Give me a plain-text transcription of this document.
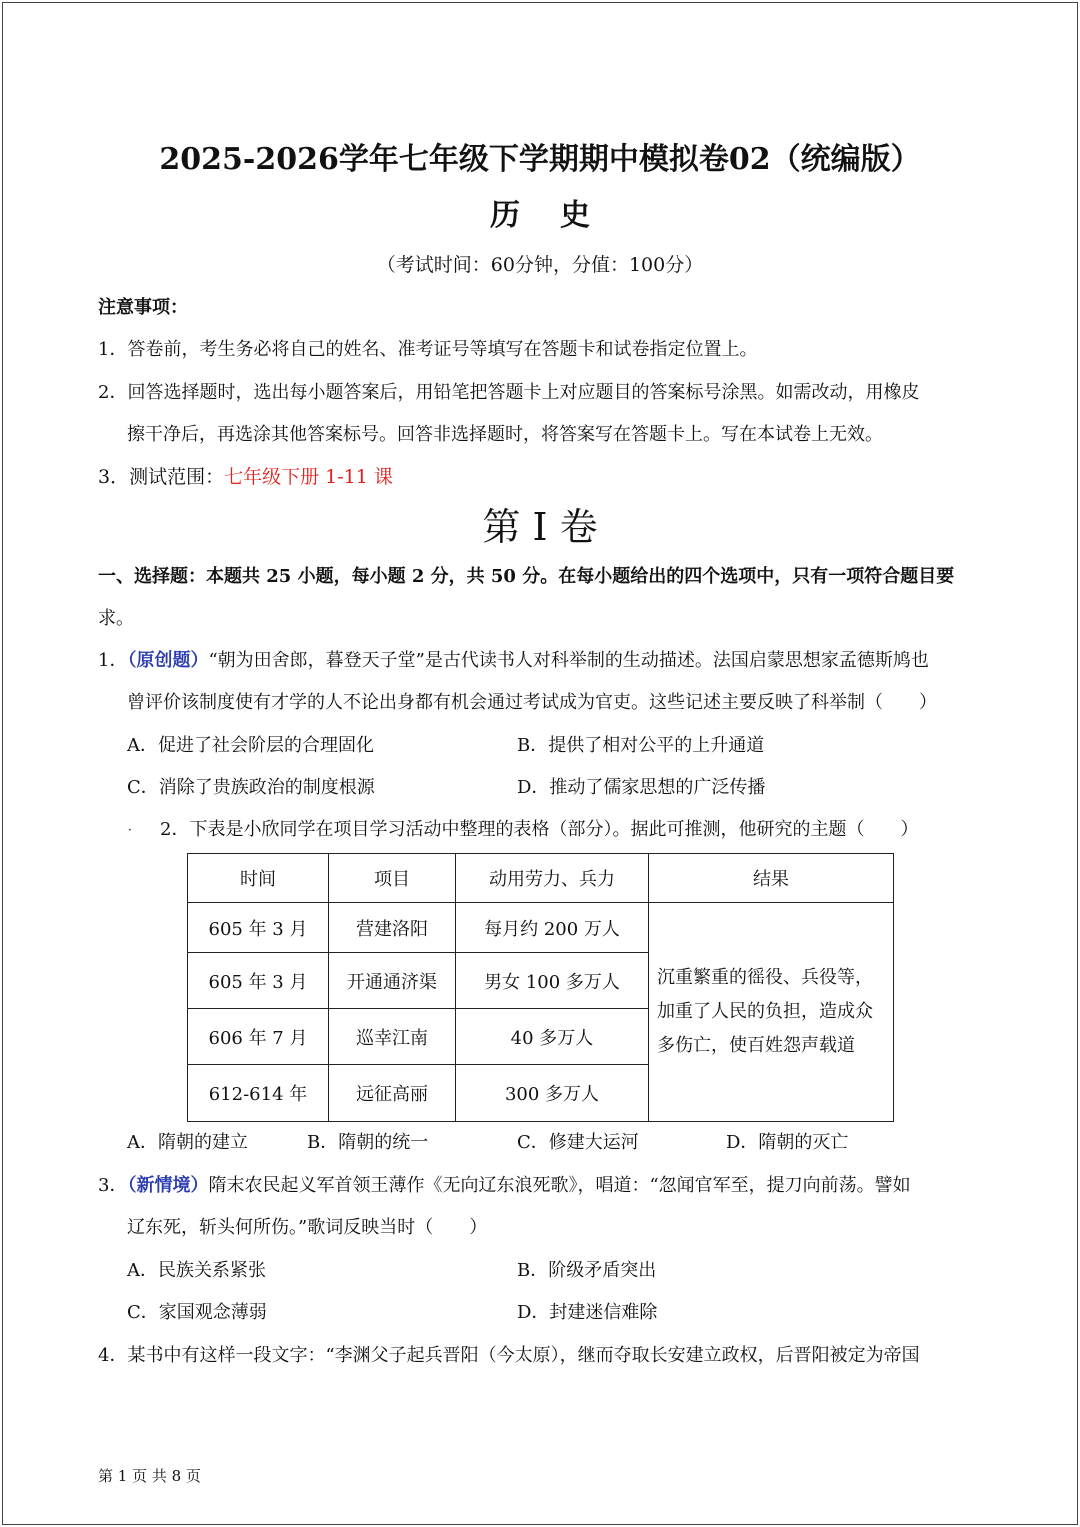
2025-2026学年七年级下学期期中模拟卷02（统编版）
历史
（考试时间：60分钟，分值：100分）
注意事项：
1．答卷前，考生务必将自己的姓名、准考证号等填写在答题卡和试卷指定位置上。
2．回答选择题时，选出每小题答案后，用铅笔把答题卡上对应题目的答案标号涂黑。如需改动，用橡皮
擦干净后，再选涂其他答案标号。回答非选择题时，将答案写在答题卡上。写在本试卷上无效。
3．测试范围：七年级下册 1-11 课
第 I 卷
一、选择题：本题共 25 小题，每小题 2 分，共 50 分。在每小题给出的四个选项中，只有一项符合题目要
求。
1．（原创题）“朝为田舍郎，暮登天子堂”是古代读书人对科举制的生动描述。法国启蒙思想家孟德斯鸠也
曾评价该制度使有才学的人不论出身都有机会通过考试成为官吏。这些记述主要反映了科举制（　　）
A．促进了社会阶层的合理固化	B．提供了相对公平的上升通道
C．消除了贵族政治的制度根源	D．推动了儒家思想的广泛传播
· 2．下表是小欣同学在项目学习活动中整理的表格（部分）。据此可推测，他研究的主题（　　）
时间	项目	动用劳力、兵力	结果
605 年 3 月	营建洛阳	每月约 200 万人	沉重繁重的徭役、兵役等，
加重了人民的负担，造成众
多伤亡，使百姓怨声载道

605 年 3 月	开通通济渠	男女 100 多万人	
606 年 7 月	巡幸江南	40 多万人	
612-614 年	远征高丽	300 多万人	
A．隋朝的建立	B．隋朝的统一	C．修建大运河	D．隋朝的灭亡
3．（新情境）隋末农民起义军首领王薄作《无向辽东浪死歌》，唱道：“忽闻官军至，提刀向前荡。譬如
辽东死，斩头何所伤。”歌词反映当时（　　）
A．民族关系紧张	B．阶级矛盾突出
C．家国观念薄弱	D．封建迷信难除
4．某书中有这样一段文字：“李渊父子起兵晋阳（今太原），继而夺取长安建立政权，后晋阳被定为帝国
第 1 页 共 8 页
